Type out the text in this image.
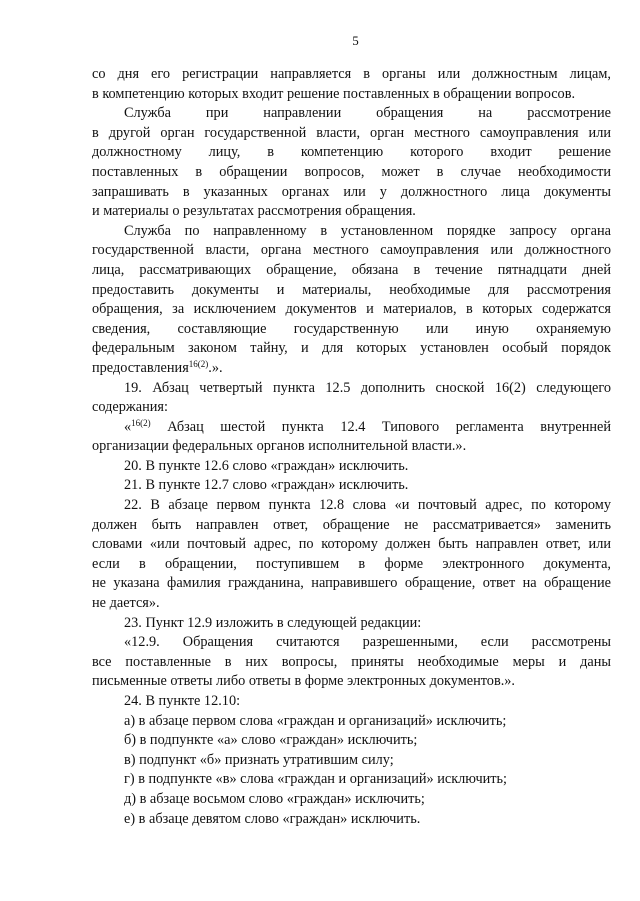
5

со дня его регистрации направляется в органы или должностным лицам,
в компетенцию которых входит решение поставленных в обращении вопросов.

Служба при направлении обращения на рассмотрение
в другой орган государственной власти, орган местного самоуправления или
должностному лицу, в компетенцию которого входит решение
поставленных в обращении вопросов, может в случае необходимости
запрашивать в указанных органах или у должностного лица документы
и материалы о результатах рассмотрения обращения.

Служба по направленному в установленном порядке запросу органа
государственной власти, органа местного самоуправления или должностного
лица, рассматривающих обращение, обязана в течение пятнадцати дней
предоставить документы и материалы, необходимые для рассмотрения
обращения, за исключением документов и материалов, в которых содержатся
сведения, составляющие государственную или иную охраняемую
федеральным законом тайну, и для которых установлен особый порядок
предоставления$^{16(2)}$.».

19. Абзац четвертый пункта 12.5 дополнить сноской 16(2) следующего
содержания:

«$^{16(2)}$ Абзац шестой пункта 12.4 Типового регламента внутренней
организации федеральных органов исполнительной власти.».

20. В пункте 12.6 слово «граждан» исключить.

21. В пункте 12.7 слово «граждан» исключить.

22. В абзаце первом пункта 12.8 слова «и почтовый адрес, по которому
должен быть направлен ответ, обращение не рассматривается» заменить
словами «или почтовый адрес, по которому должен быть направлен ответ, или
если в обращении, поступившем в форме электронного документа,
не указана фамилия гражданина, направившего обращение, ответ на обращение
не дается».

23. Пункт 12.9 изложить в следующей редакции:

«12.9. Обращения считаются разрешенными, если рассмотрены
все поставленные в них вопросы, приняты необходимые меры и даны
письменные ответы либо ответы в форме электронных документов.».

24. В пункте 12.10:

а) в абзаце первом слова «граждан и организаций» исключить;

б) в подпункте «а» слово «граждан» исключить;

в) подпункт «б» признать утратившим силу;

г) в подпункте «в» слова «граждан и организаций» исключить;

д) в абзаце восьмом слово «граждан» исключить;

е) в абзаце девятом слово «граждан» исключить.
